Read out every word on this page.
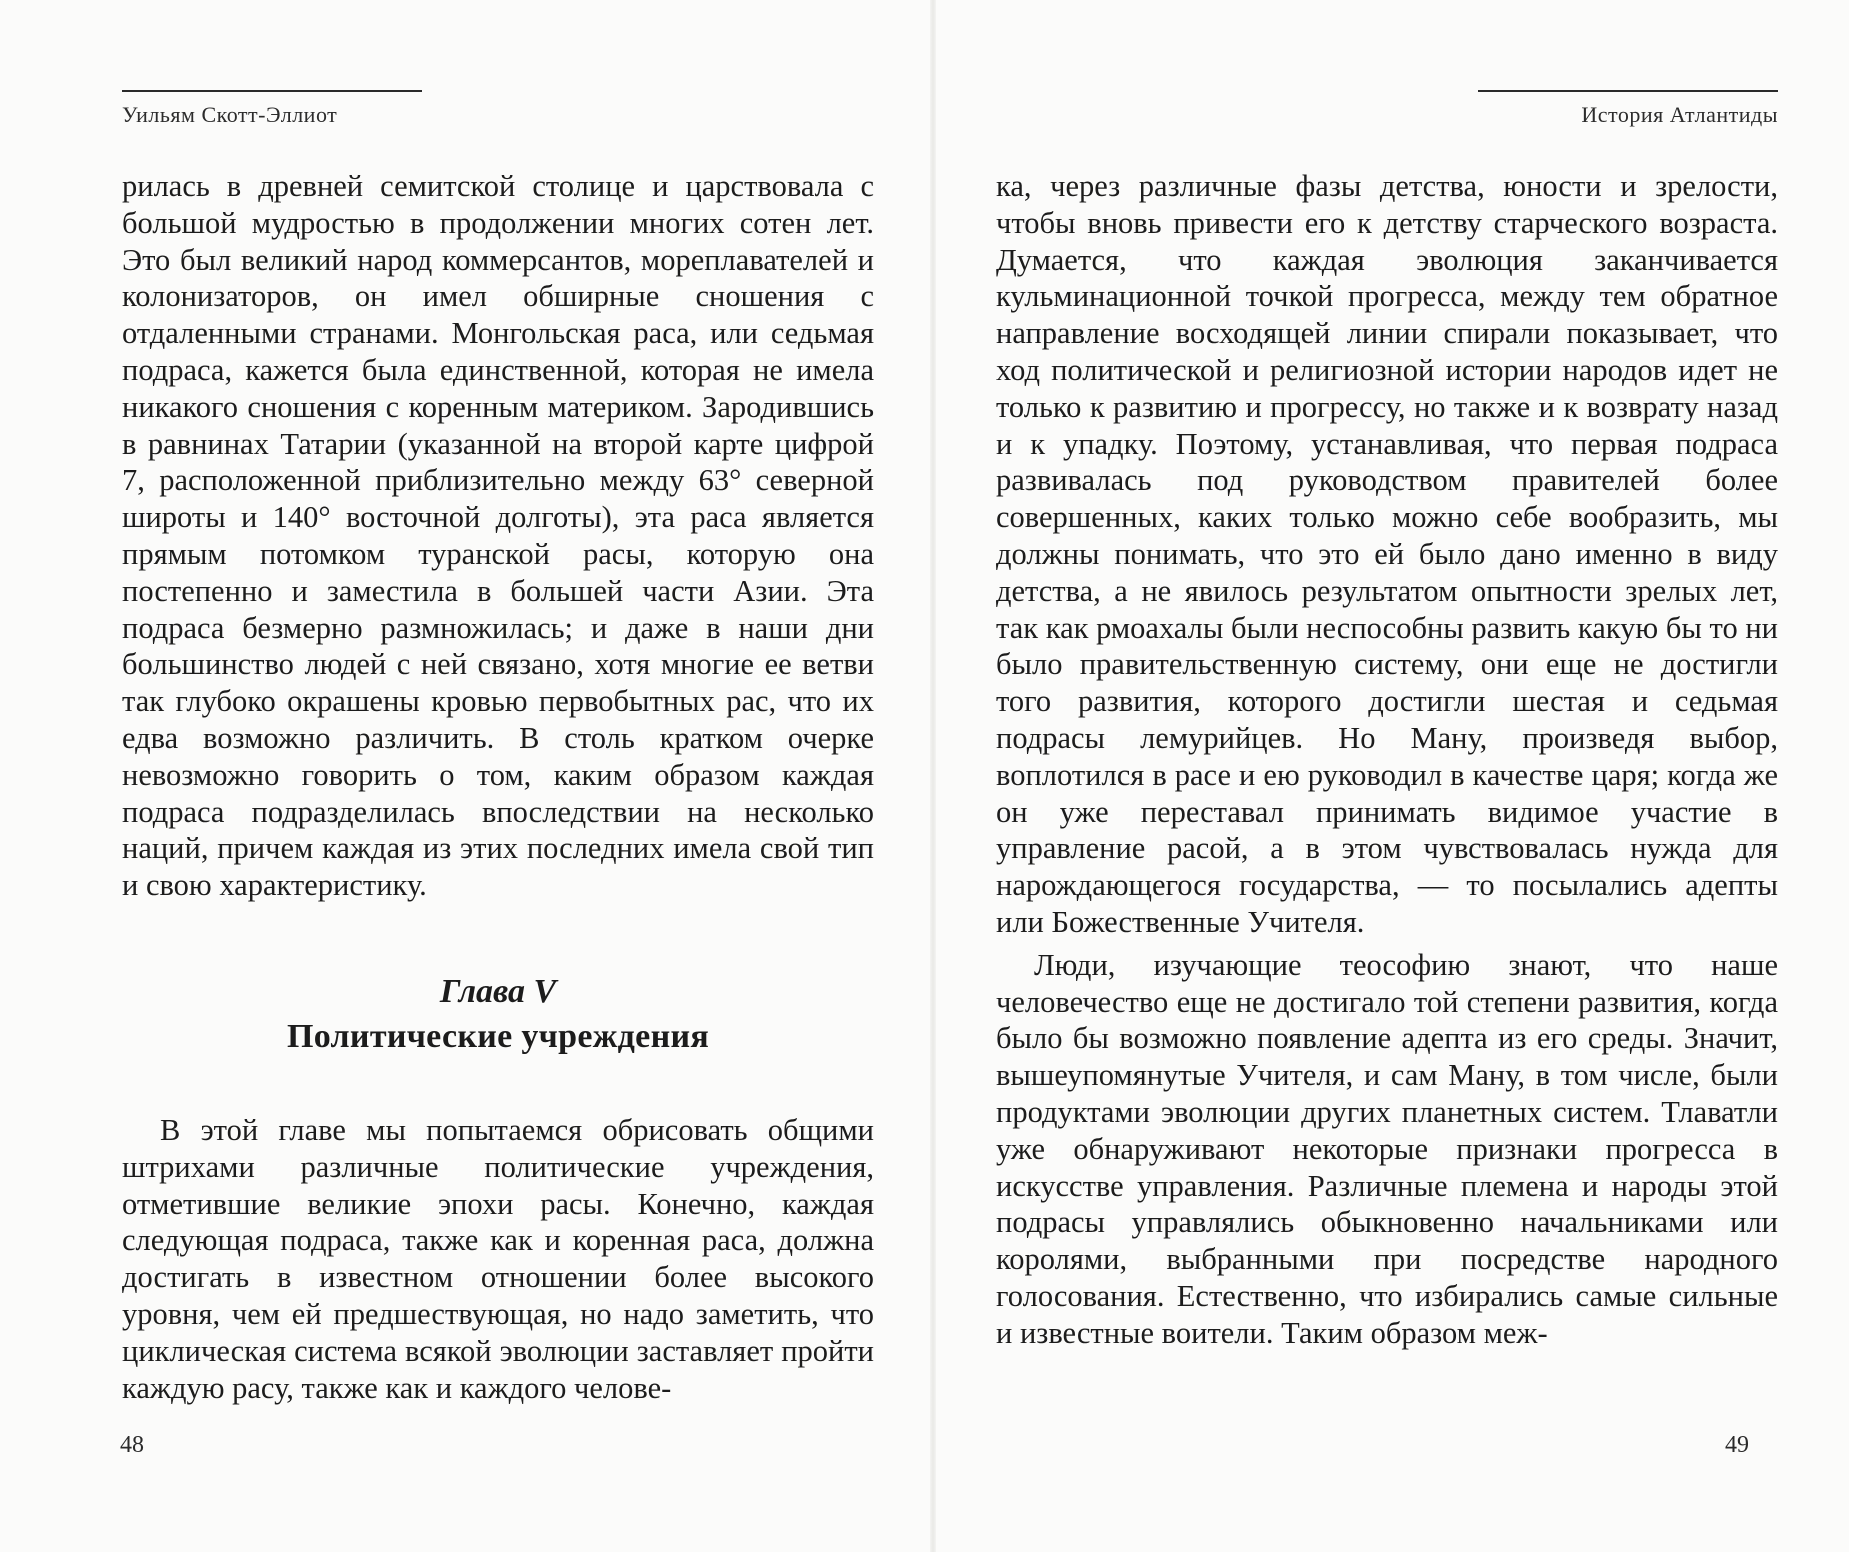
Уильям Скотт-Эллиот

рилась в древней семитской столице и царствовала с большой мудростью в продолжении многих сотен лет. Это был великий народ коммерсантов, мореплавателей и колонизаторов, он имел обширные сношения с отдаленными странами. Монгольская раса, или седьмая подраса, кажется была единственной, которая не имела никакого сношения с коренным материком. Зародившись в равнинах Татарии (указанной на второй карте цифрой 7, расположенной приблизительно между 63° северной широты и 140° восточной долготы), эта раса является прямым потомком туранской расы, которую она постепенно и заместила в большей части Азии. Эта подраса безмерно размножилась; и даже в наши дни большинство людей с ней связано, хотя многие ее ветви так глубоко окрашены кровью первобытных рас, что их едва возможно различить. В столь кратком очерке невозможно говорить о том, каким образом каждая подраса подразделилась впоследствии на несколько наций, причем каждая из этих последних имела свой тип и свою характеристику.

Глава V
Политические учреждения

В этой главе мы попытаемся обрисовать общими штрихами различные политические учреждения, отметившие великие эпохи расы. Конечно, каждая следующая подраса, также как и коренная раса, должна достигать в известном отношении более высокого уровня, чем ей предшествующая, но надо заметить, что циклическая система всякой эволюции заставляет пройти каждую расу, также как и каждого челове-

48
История Атлантиды

ка, через различные фазы детства, юности и зрелости, чтобы вновь привести его к детству старческого возраста. Думается, что каждая эволюция заканчивается кульминационной точкой прогресса, между тем обратное направление восходящей линии спирали показывает, что ход политической и религиозной истории народов идет не только к развитию и прогрессу, но также и к возврату назад и к упадку. Поэтому, устанавливая, что первая подраса развивалась под руководством правителей более совершенных, каких только можно себе вообразить, мы должны понимать, что это ей было дано именно в виду детства, а не явилось результатом опытности зрелых лет, так как рмоахалы были неспособны развить какую бы то ни было правительственную систему, они еще не достигли того развития, которого достигли шестая и седьмая подрасы лемурийцев. Но Ману, произведя выбор, воплотился в расе и ею руководил в качестве царя; когда же он уже переставал принимать видимое участие в управление расой, а в этом чувствовалась нужда для нарождающегося государства, — то посылались адепты или Божественные Учителя.

Люди, изучающие теософию знают, что наше человечество еще не достигало той степени развития, когда было бы возможно появление адепта из его среды. Значит, вышеупомянутые Учителя, и сам Ману, в том числе, были продуктами эволюции других планетных систем. Тлаватли уже обнаруживают некоторые признаки прогресса в искусстве управления. Различные племена и народы этой подрасы управлялись обыкновенно начальниками или королями, выбранными при посредстве народного голосования. Естественно, что избирались самые сильные и известные воители. Таким образом меж-

49
